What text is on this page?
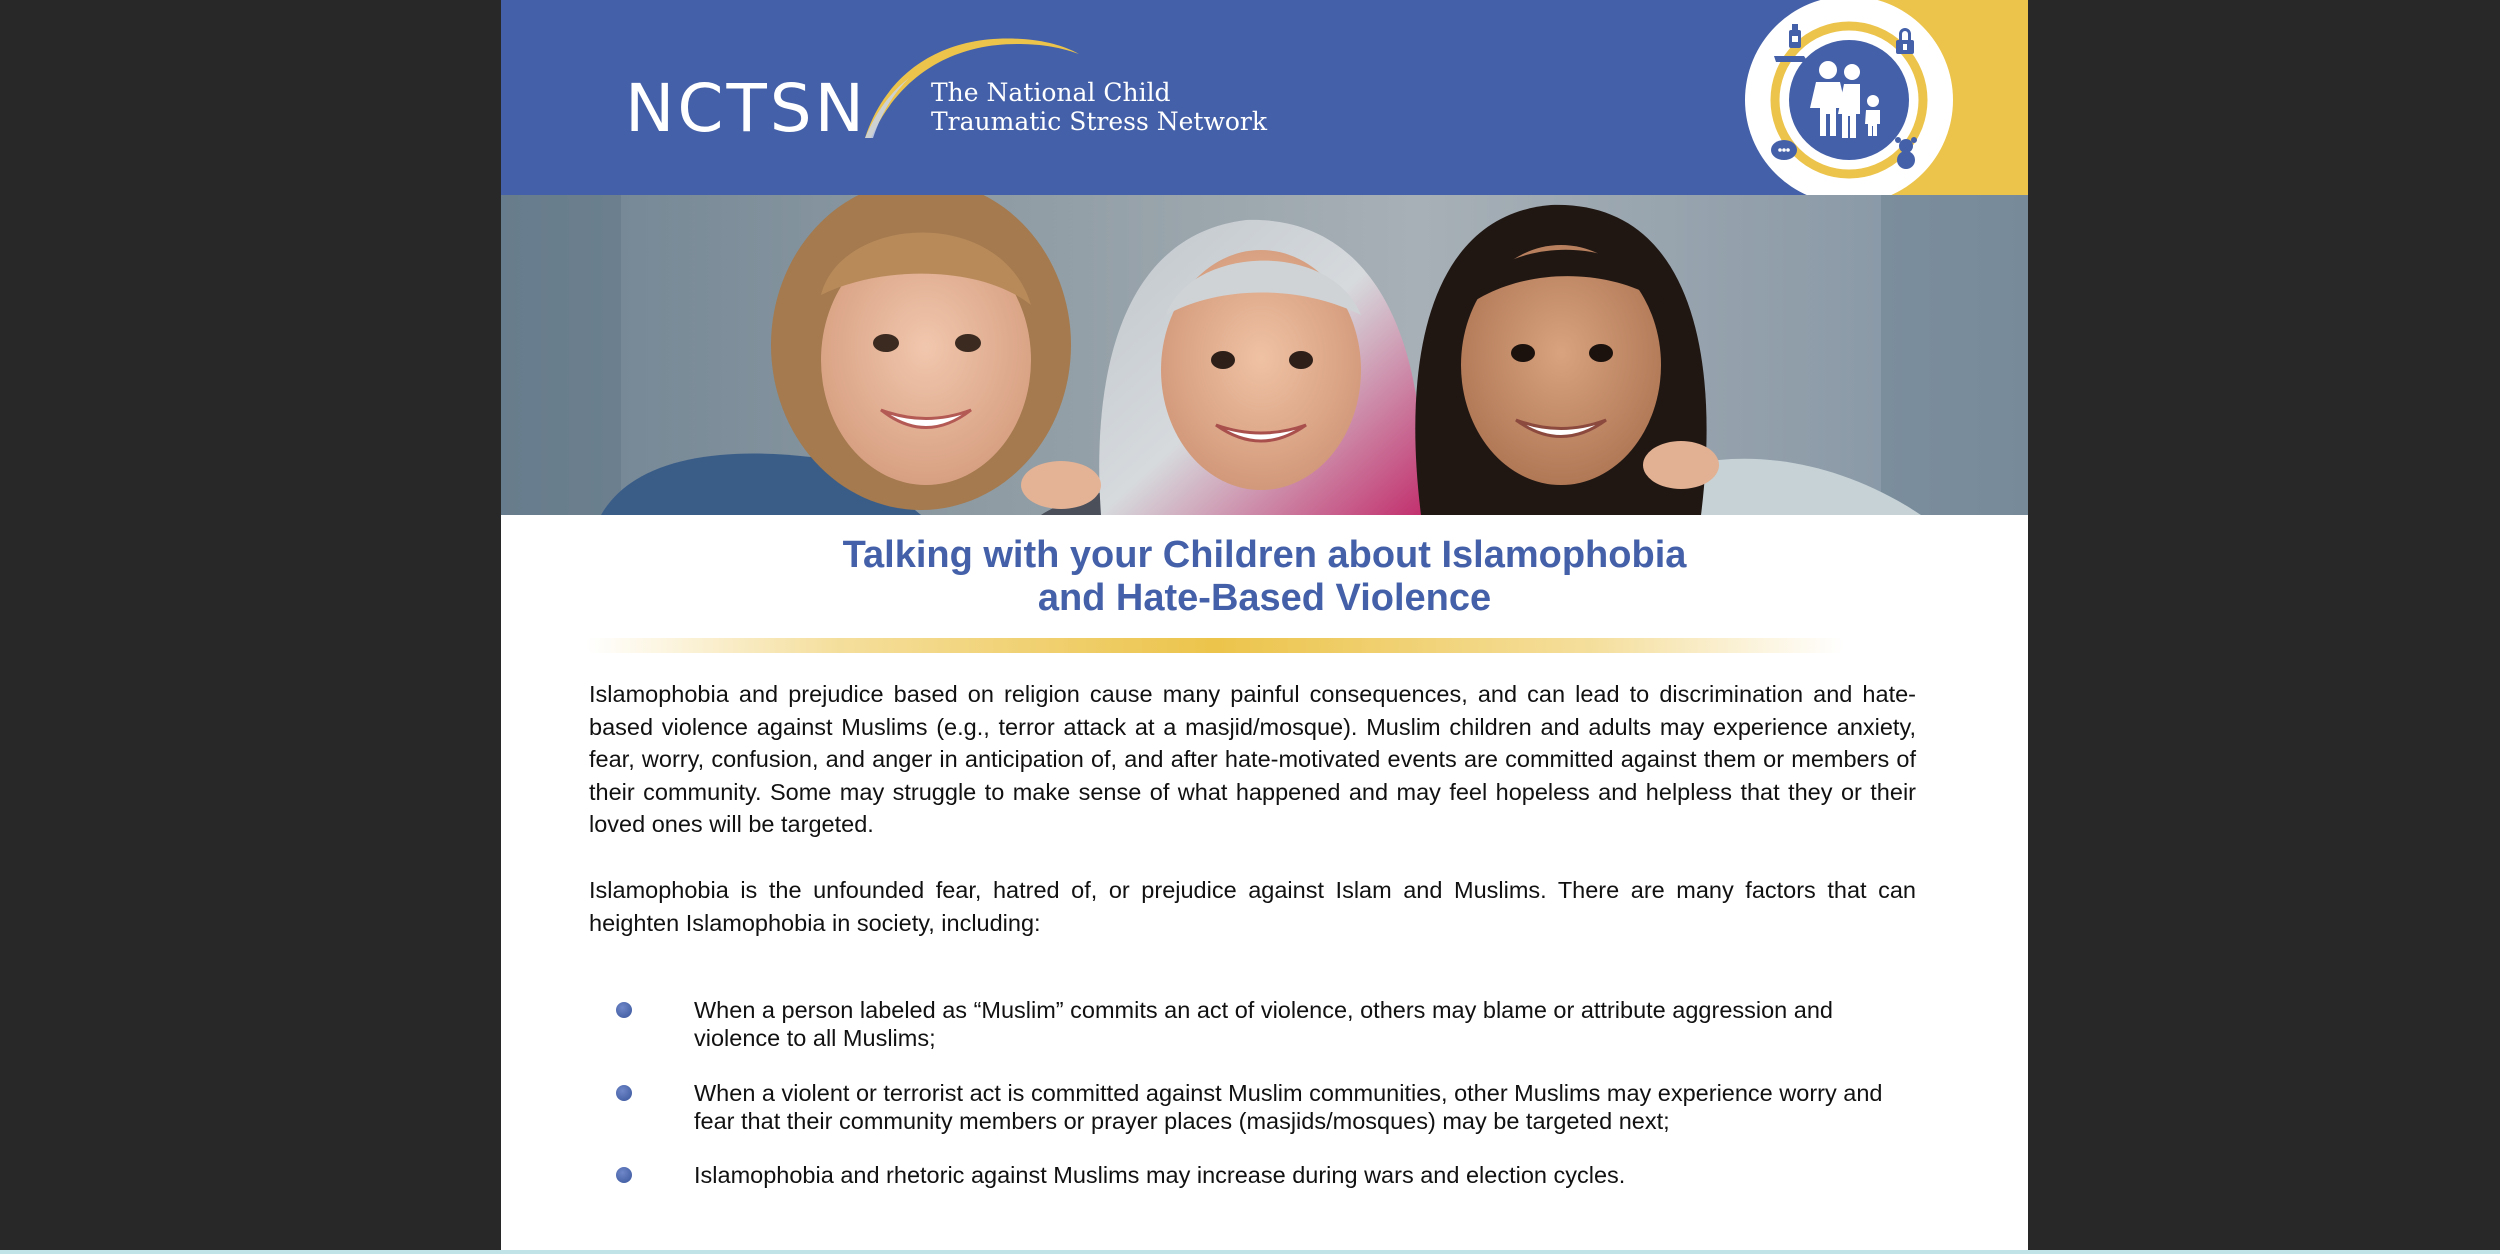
NCTSN	The National Child
Traumatic Stress Network
Talking with your Children about Islamophobia
and Hate-Based Violence

Islamophobia and prejudice based on religion cause many painful consequences, and can lead to discrimination and hate-based violence against Muslims (e.g., terror attack at a masjid/mosque). Muslim children and adults may experience anxiety, fear, worry, confusion, and anger in anticipation of, and after hate-motivated events are committed against them or members of their community. Some may struggle to make sense of what happened and may feel hopeless and helpless that they or their loved ones will be targeted.

Islamophobia is the unfounded fear, hatred of, or prejudice against Islam and Muslims. There are many factors that can heighten Islamophobia in society, including:

When a person labeled as “Muslim” commits an act of violence, others may blame or attribute aggression and violence to all Muslims;
When a violent or terrorist act is committed against Muslim communities, other Muslims may experience worry and fear that their community members or prayer places (masjids/mosques) may be targeted next;
Islamophobia and rhetoric against Muslims may increase during wars and election cycles.
